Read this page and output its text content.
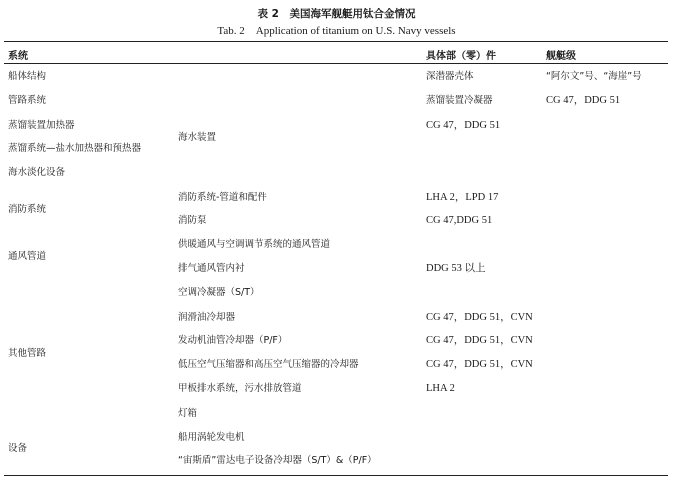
表 2　美国海军舰艇用钛合金情况
Tab. 2　Application of titanium on U.S. Navy vessels
系统	具体部（零）件	舰艇级
船体结构
管路系统
蒸馏装置加热器
蒸馏系统—盐水加热器和预热器
海水淡化设备
消防系统
通风管道
其他管路
设备
海水装置
消防系统-管道和配件
消防泵
供暖通风与空调调节系统的通风管道
排气通风管内衬
空调冷凝器（S/T）
润滑油冷却器
发动机油管冷却器（P/F）
低压空气压缩器和高压空气压缩器的冷却器
甲板排水系统，污水排放管道
灯箱
船用涡轮发电机
“宙斯盾”雷达电子设备冷却器（S/T）&（P/F）
深潜器壳体
蒸馏装置冷凝器
CG 47，DDG 51
LHA 2，LPD 17
CG 47,DDG 51
DDG 53 以上
CG 47，DDG 51，CVN
CG 47，DDG 51，CVN
CG 47，DDG 51，CVN
LHA 2
“阿尔文”号、“海崖”号
CG 47，DDG 51
